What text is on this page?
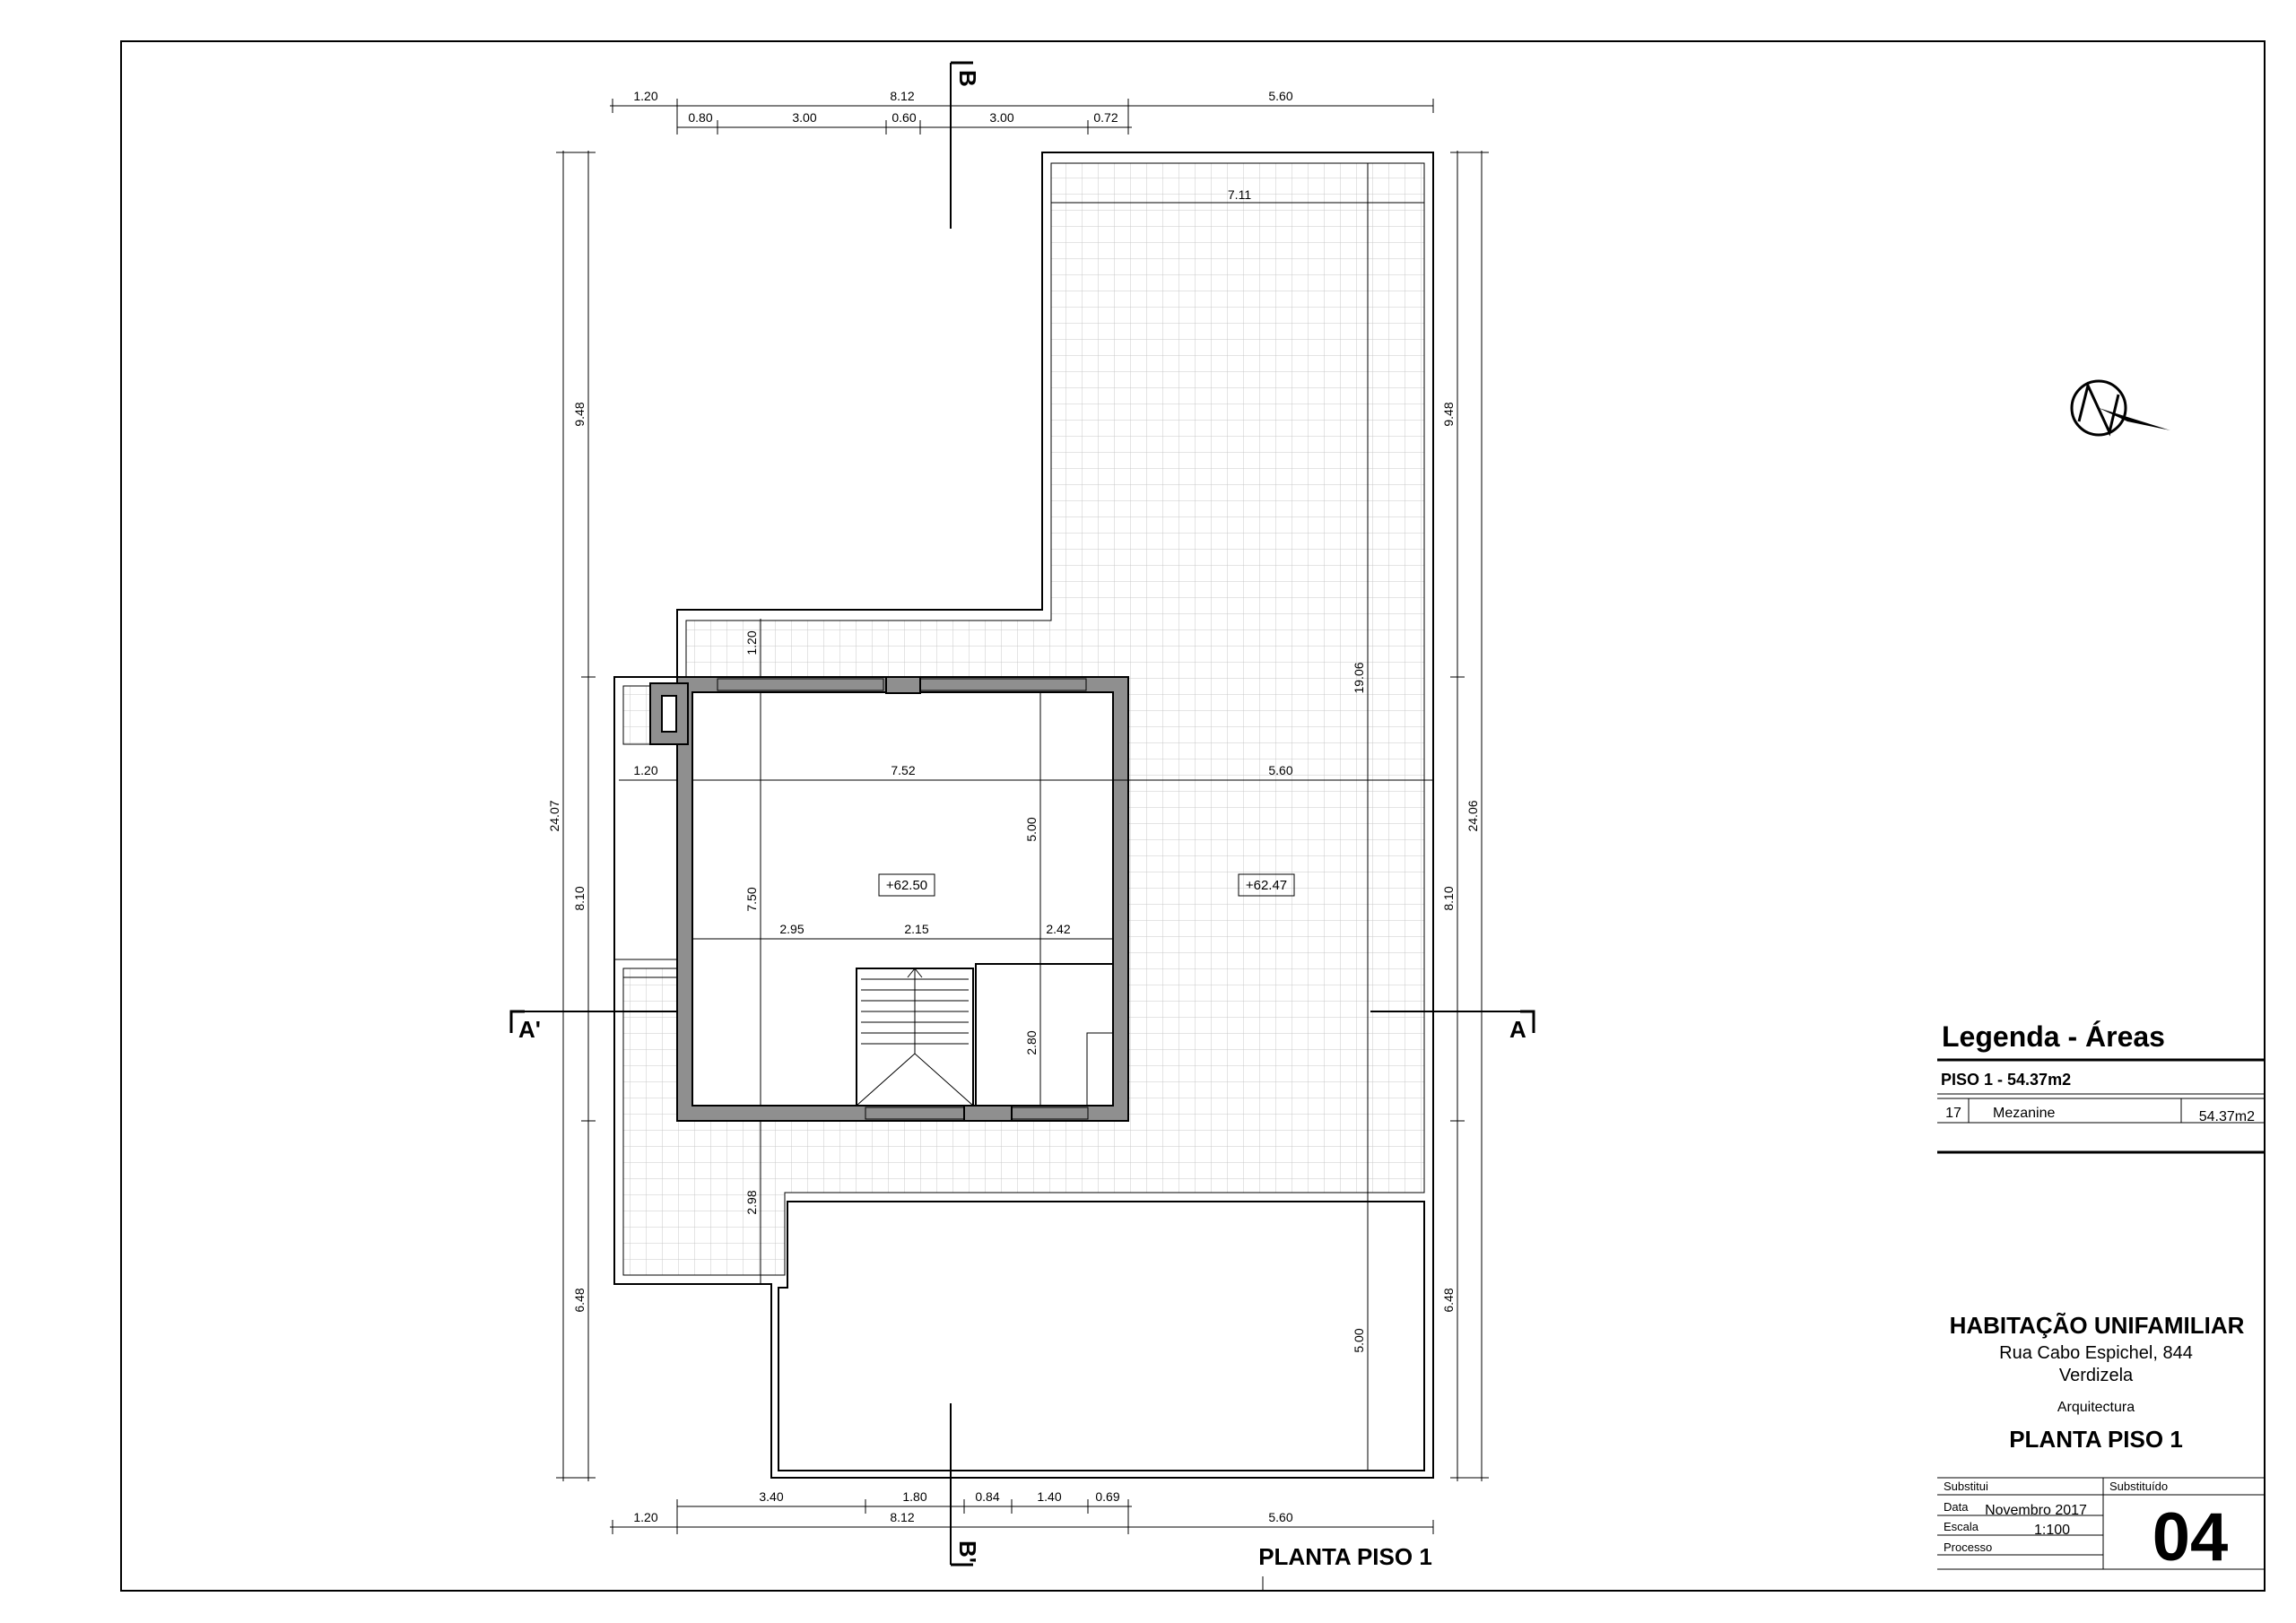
+62.50	+62.47
7.11
1.20
19.06
1.20	7.52	5.60
5.00
7.50
2.95	2.15	2.42
2.80
2.98
5.00
1.20	8.12	5.60
0.80	3.00	0.60	3.00	0.72
3.40	1.80	0.84	1.40	0.69
1.20	8.12	5.60
9.48
24.07
8.10
6.48
9.48
24.06
8.10
6.48
A'	A
B
B'	PLANTA PISO 1
Legenda - Áreas
PISO 1 - 54.37m2
17 Mezanine	54.37m2
HABITAÇÃO UNIFAMILIAR
Rua Cabo Espichel, 844
Verdizela
Arquitectura
PLANTA PISO 1
Substitui	Substituído
Data Novembro 2017
Escala	1:100
Processo 04
